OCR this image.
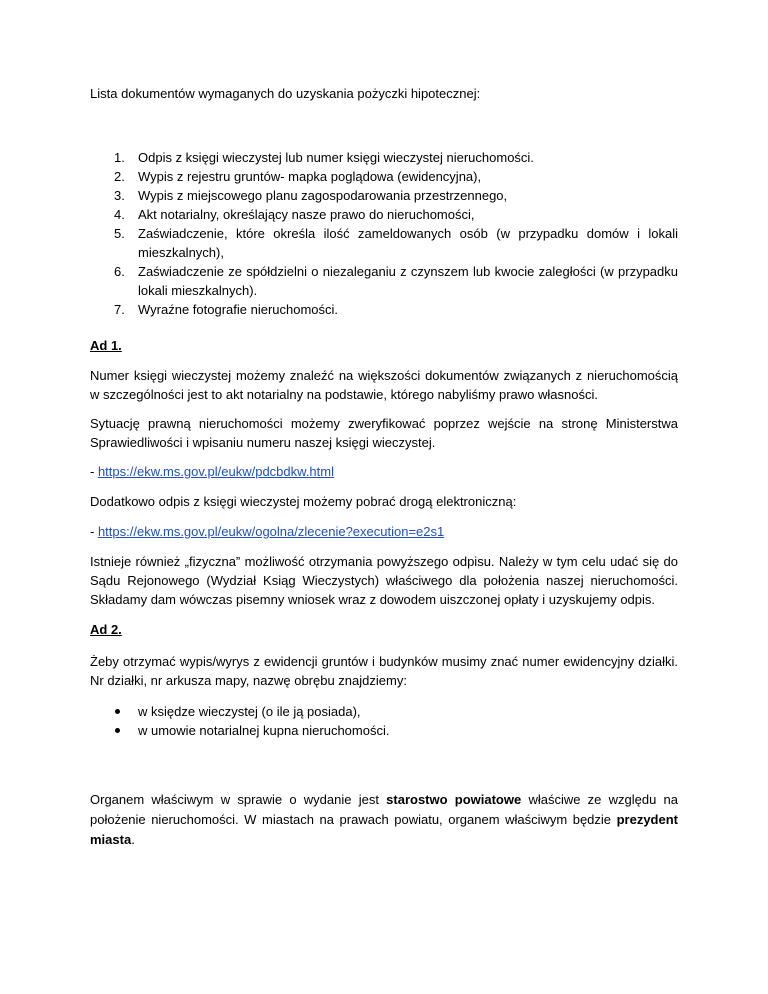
Lista dokumentów wymaganych do uzyskania pożyczki hipotecznej:

1. Odpis z księgi wieczystej lub numer księgi wieczystej nieruchomości.
2. Wypis z rejestru gruntów- mapka poglądowa (ewidencyjna),
3. Wypis z miejscowego planu zagospodarowania przestrzennego,
4. Akt notarialny, określający nasze prawo do nieruchomości,
5. Zaświadczenie, które określa ilość zameldowanych osób (w przypadku domów i lokali mieszkalnych),
6. Zaświadczenie ze spółdzielni o niezaleganiu z czynszem lub kwocie zaległości (w przypadku lokali mieszkalnych).
7. Wyraźne fotografie nieruchomości.

Ad 1.

Numer księgi wieczystej możemy znaleźć na większości dokumentów związanych z nieruchomością w szczególności jest to akt notarialny na podstawie, którego nabyliśmy prawo własności.

Sytuację prawną nieruchomości możemy zweryfikować poprzez wejście na stronę Ministerstwa Sprawiedliwości i wpisaniu numeru naszej księgi wieczystej.

- https://ekw.ms.gov.pl/eukw/pdcbdkw.html

Dodatkowo odpis z księgi wieczystej możemy pobrać drogą elektroniczną:

- https://ekw.ms.gov.pl/eukw/ogolna/zlecenie?execution=e2s1

Istnieje również „fizyczna” możliwość otrzymania powyższego odpisu. Należy w tym celu udać się do Sądu Rejonowego (Wydział Ksiąg Wieczystych) właściwego dla położenia naszej nieruchomości. Składamy dam wówczas pisemny wniosek wraz z dowodem uiszczonej opłaty i uzyskujemy odpis.

Ad 2.

Żeby otrzymać wypis/wyrys z ewidencji gruntów i budynków musimy znać numer ewidencyjny działki. Nr działki, nr arkusza mapy, nazwę obrębu znajdziemy:

w księdze wieczystej (o ile ją posiada),
w umowie notarialnej kupna nieruchomości.

Organem właściwym w sprawie o wydanie jest starostwo powiatowe właściwe ze względu na położenie nieruchomości. W miastach na prawach powiatu, organem właściwym będzie prezydent miasta.
